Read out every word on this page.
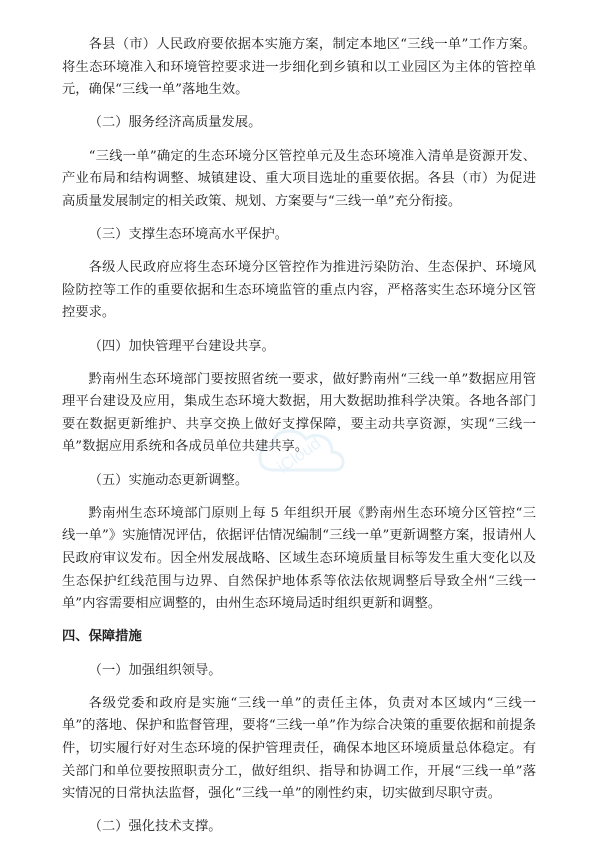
各县（市）人民政府要依据本实施方案，制定本地区“三线一单”工作方案。将生态环境准入和环境管控要求进一步细化到乡镇和以工业园区为主体的管控单元，确保“三线一单”落地生效。

（二）服务经济高质量发展。

“三线一单”确定的生态环境分区管控单元及生态环境准入清单是资源开发、产业布局和结构调整、城镇建设、重大项目选址的重要依据。各县（市）为促进高质量发展制定的相关政策、规划、方案要与“三线一单”充分衔接。

（三）支撑生态环境高水平保护。

各级人民政府应将生态环境分区管控作为推进污染防治、生态保护、环境风险防控等工作的重要依据和生态环境监管的重点内容，严格落实生态环境分区管控要求。

（四）加快管理平台建设共享。

黔南州生态环境部门要按照省统一要求，做好黔南州“三线一单”数据应用管理平台建设及应用，集成生态环境大数据，用大数据助推科学决策。各地各部门要在数据更新维护、共享交换上做好支撑保障，要主动共享资源，实现“三线一单”数据应用系统和各成员单位共建共享。

（五）实施动态更新调整。

黔南州生态环境部门原则上每 5 年组织开展《黔南州生态环境分区管控“三线一单”》实施情况评估，依据评估情况编制“三线一单”更新调整方案，报请州人民政府审议发布。因全州发展战略、区域生态环境质量目标等发生重大变化以及生态保护红线范围与边界、自然保护地体系等依法依规调整后导致全州“三线一单”内容需要相应调整的，由州生态环境局适时组织更新和调整。

四、保障措施

（一）加强组织领导。

各级党委和政府是实施“三线一单”的责任主体，负责对本区域内“三线一单”的落地、保护和监督管理，要将“三线一单”作为综合决策的重要依据和前提条件，切实履行好对生态环境的保护管理责任，确保本地区环境质量总体稳定。有关部门和单位要按照职责分工，做好组织、指导和协调工作，开展“三线一单”落实情况的日常执法监督，强化“三线一单”的刚性约束，切实做到尽职守责。

（二）强化技术支撑。

iCloud
